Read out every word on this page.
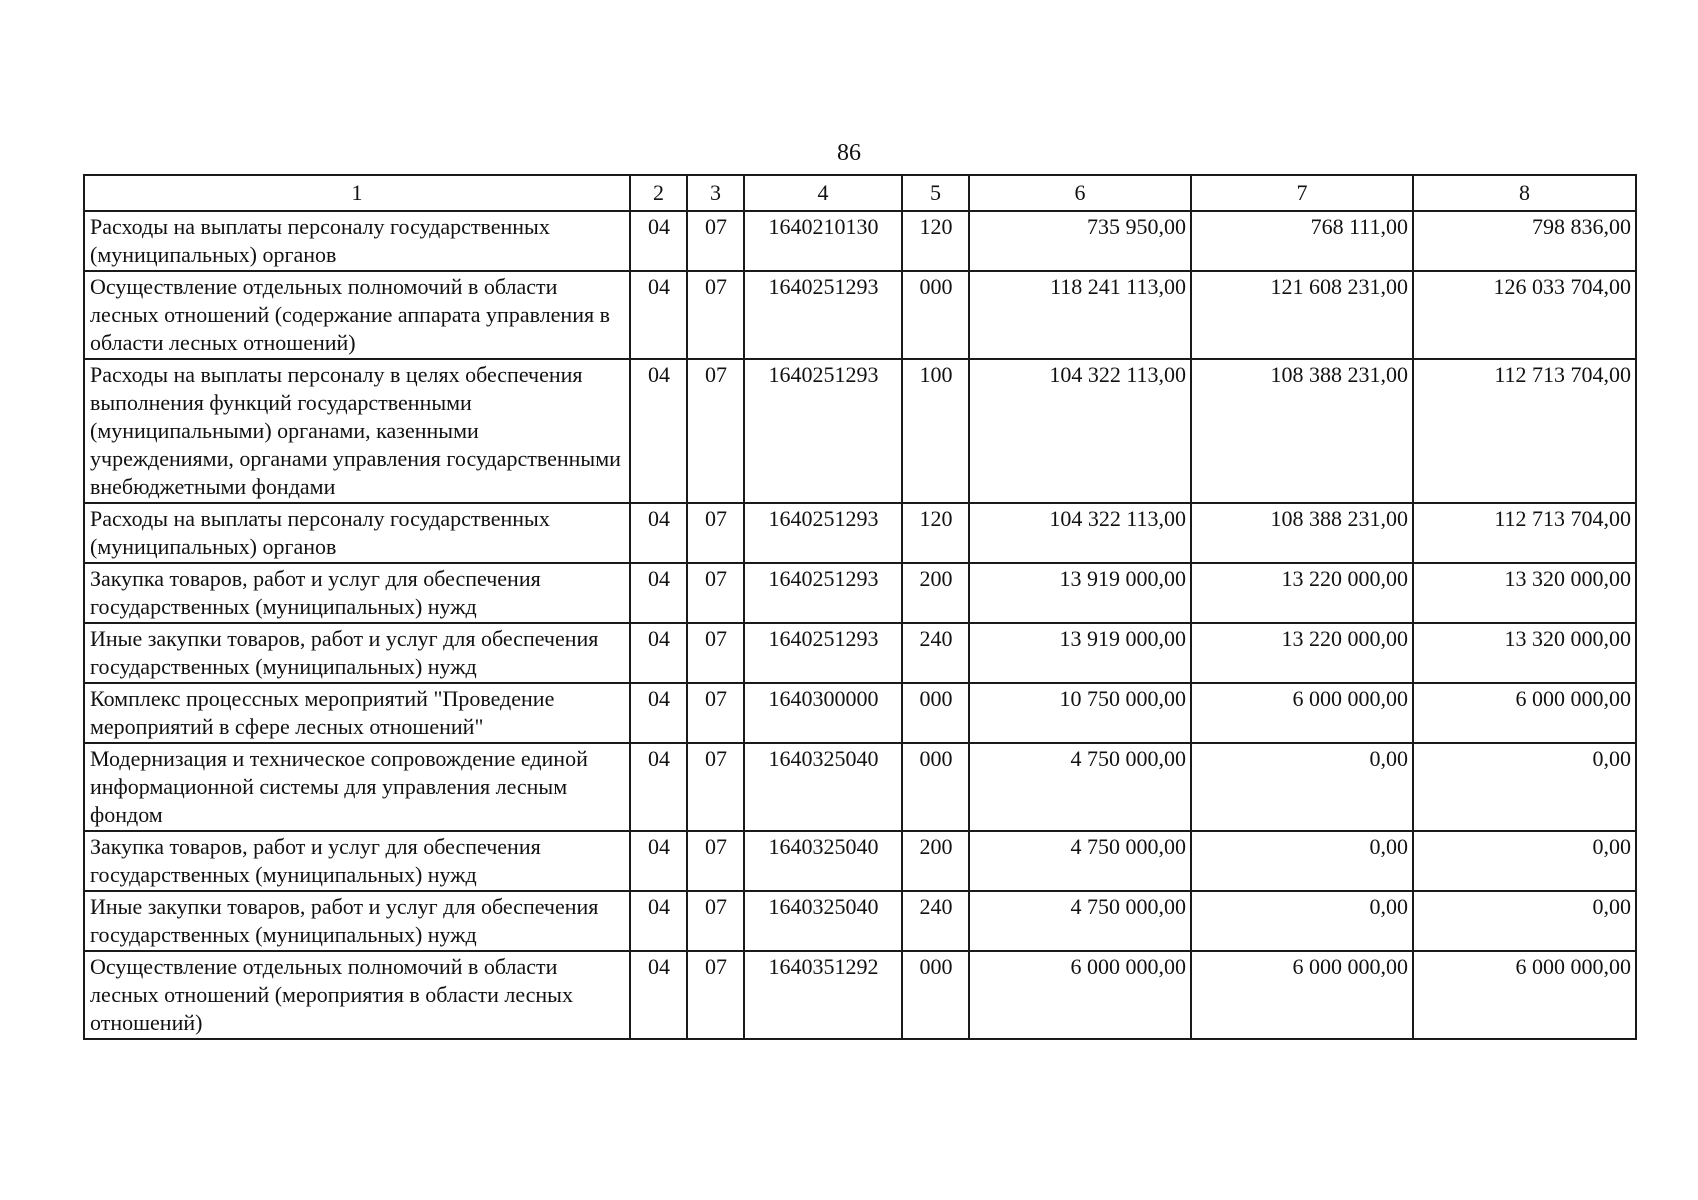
86
1	2	3	4	5	6	7	8
Расходы на выплаты персоналу государственных (муниципальных) органов	04	07	1640210130	120	735 950,00	768 111,00	798 836,00
Осуществление отдельных полномочий в области лесных отношений (содержание аппарата управления в области лесных отношений)	04	07	1640251293	000	118 241 113,00	121 608 231,00	126 033 704,00
Расходы на выплаты персоналу в целях обеспечения выполнения функций государственными (муниципальными) органами, казенными учреждениями, органами управления государственными внебюджетными фондами	04	07	1640251293	100	104 322 113,00	108 388 231,00	112 713 704,00
Расходы на выплаты персоналу государственных (муниципальных) органов	04	07	1640251293	120	104 322 113,00	108 388 231,00	112 713 704,00
Закупка товаров, работ и услуг для обеспечения государственных (муниципальных) нужд	04	07	1640251293	200	13 919 000,00	13 220 000,00	13 320 000,00
Иные закупки товаров, работ и услуг для обеспечения государственных (муниципальных) нужд	04	07	1640251293	240	13 919 000,00	13 220 000,00	13 320 000,00
Комплекс процессных мероприятий "Проведение мероприятий в сфере лесных отношений"	04	07	1640300000	000	10 750 000,00	6 000 000,00	6 000 000,00
Модернизация и техническое сопровождение единой информационной системы для управления лесным фондом	04	07	1640325040	000	4 750 000,00	0,00	0,00
Закупка товаров, работ и услуг для обеспечения государственных (муниципальных) нужд	04	07	1640325040	200	4 750 000,00	0,00	0,00
Иные закупки товаров, работ и услуг для обеспечения государственных (муниципальных) нужд	04	07	1640325040	240	4 750 000,00	0,00	0,00
Осуществление отдельных полномочий в области лесных отношений (мероприятия в области лесных отношений)	04	07	1640351292	000	6 000 000,00	6 000 000,00	6 000 000,00
